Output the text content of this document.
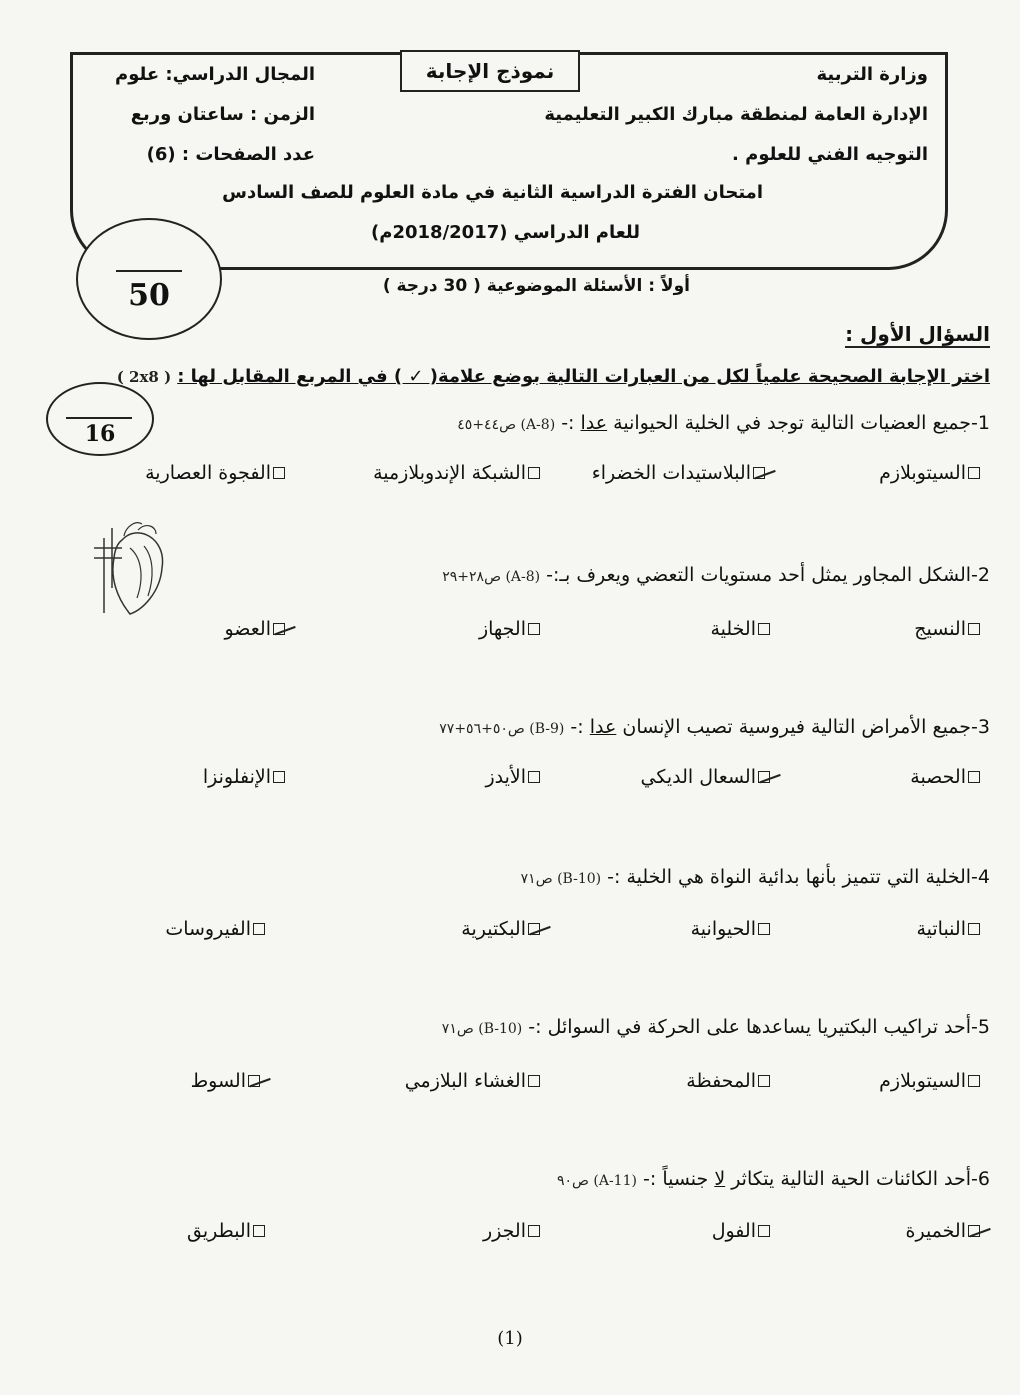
نموذج الإجابة	وزارة التربية
الإدارة العامة لمنطقة مبارك الكبير التعليمية
التوجيه الفني للعلوم .
المجال الدراسي: علوم
الزمن : ساعتان وربع
عدد الصفحات : (6)
امتحان الفترة الدراسية الثانية في مادة العلوم للصف السادس
للعام الدراسي (2018/2017م)
50	أولاً : الأسئلة الموضوعية ( 30 درجة )
السؤال الأول :
اختر الإجابة الصحيحة علمياً لكل من العبارات التالية بوضع علامة( ✓ ) في المربع المقابل لها :
( 2x8 )
16	1-جميع العضيات التالية توجد في الخلية الحيوانية عدا :- (A-8) ص٤٤+٤٥
السيتوبلازم
البلاستيدات الخضراء
الشبكة الإندوبلازمية
الفجوة العصارية
2-الشكل المجاور يمثل أحد مستويات التعضي ويعرف بـ:- (A-8) ص٢٨+٢٩
النسيج
الخلية
الجهاز
العضو
3-جميع الأمراض التالية فيروسية تصيب الإنسان عدا :- (B-9) ص٥٠+٥٦+٧٧
الحصبة
السعال الديكي
الأيدز
الإنفلونزا
4-الخلية التي تتميز بأنها بدائية النواة هي الخلية :- (B-10) ص٧١
النباتية
الحيوانية
البكتيرية
الفيروسات
5-أحد تراكيب البكتيريا يساعدها على الحركة في السوائل :- (B-10) ص٧١
السيتوبلازم
المحفظة
الغشاء البلازمي
السوط
6-أحد الكائنات الحية التالية يتكاثر لا جنسياً :- (A-11) ص٩٠
الخميرة
الفول
الجزر
البطريق
(1)
